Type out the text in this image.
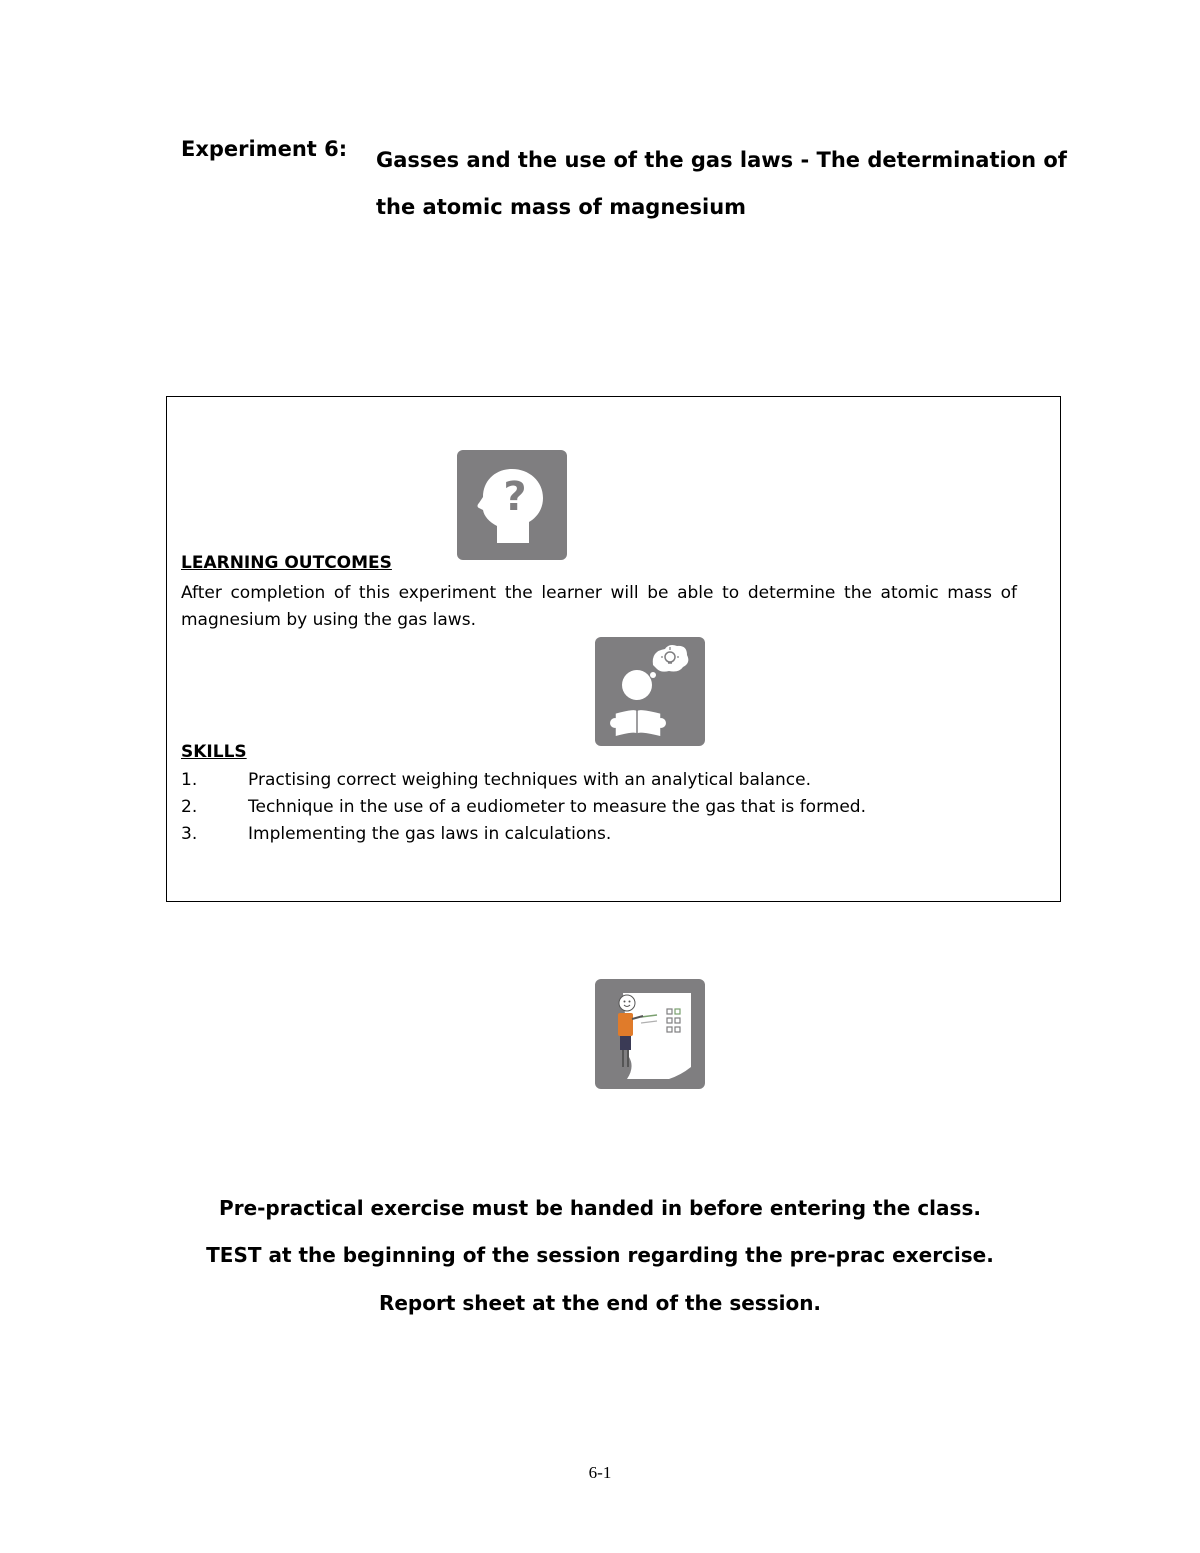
Experiment 6: Gasses and the use of the gas laws - The determination of
the atomic mass of magnesium
?
LEARNING OUTCOMES
After completion of this experiment the learner will be able to determine the atomic mass of magnesium by using the gas laws.
SKILLS
1.	Practising correct weighing techniques with an analytical balance.
2.	Technique in the use of a eudiometer to measure the gas that is formed.
3.	Implementing the gas laws in calculations.
Pre-practical exercise must be handed in before entering the class.
TEST at the beginning of the session regarding the pre-prac exercise.
Report sheet at the end of the session.
6-1
